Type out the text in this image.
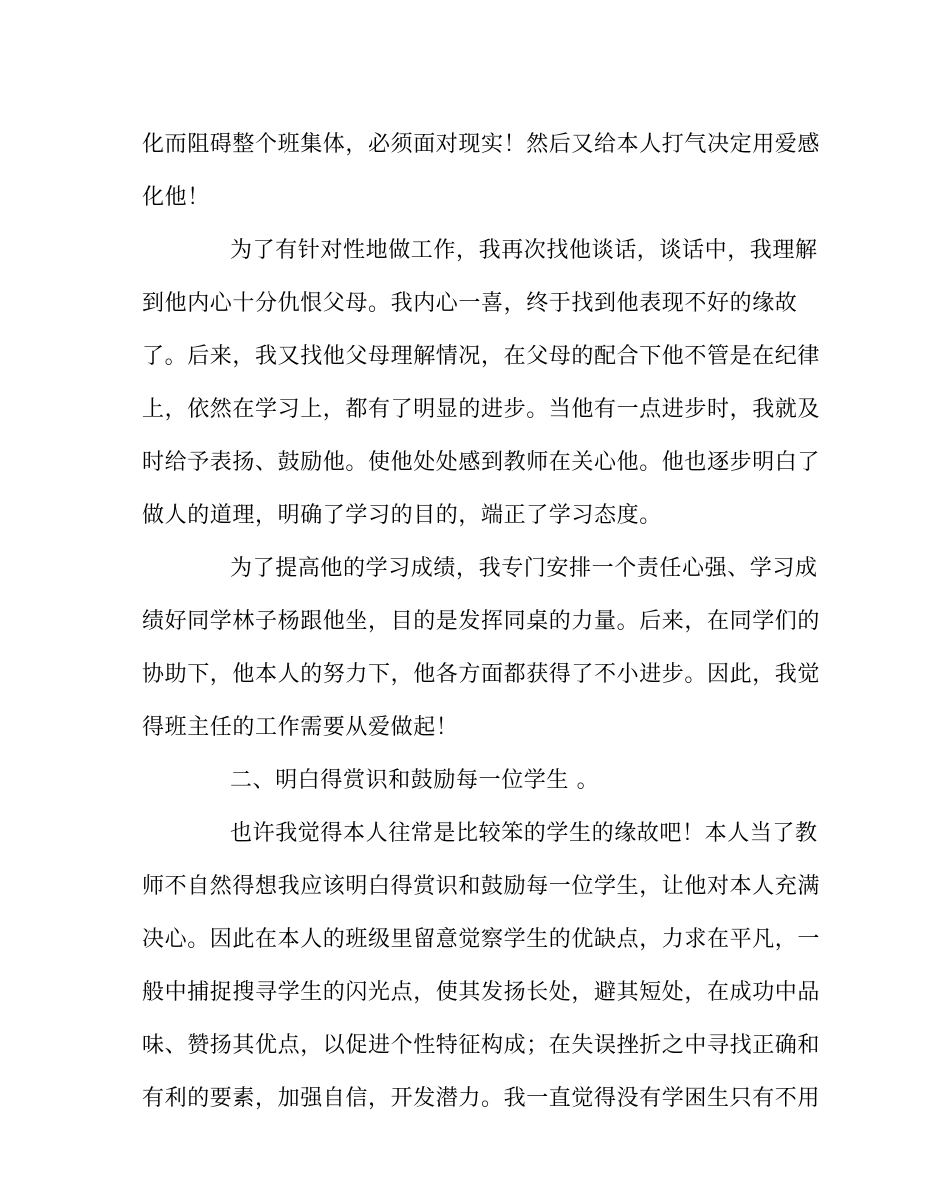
化而阻碍整个班集体，必须面对现实！然后又给本人打气决定用爱感
化他！
为了有针对性地做工作，我再次找他谈话，谈话中，我理解
到他内心十分仇恨父母。我内心一喜，终于找到他表现不好的缘故
了。后来，我又找他父母理解情况，在父母的配合下他不管是在纪律
上，依然在学习上，都有了明显的进步。当他有一点进步时，我就及
时给予表扬、鼓励他。使他处处感到教师在关心他。他也逐步明白了
做人的道理，明确了学习的目的，端正了学习态度。
为了提高他的学习成绩，我专门安排一个责任心强、学习成
绩好同学林子杨跟他坐，目的是发挥同桌的力量。后来，在同学们的
协助下，他本人的努力下，他各方面都获得了不小进步。因此，我觉
得班主任的工作需要从爱做起！
二、明白得赏识和鼓励每一位学生 。
也许我觉得本人往常是比较笨的学生的缘故吧！本人当了教
师不自然得想我应该明白得赏识和鼓励每一位学生，让他对本人充满
决心。因此在本人的班级里留意觉察学生的优缺点，力求在平凡，一
般中捕捉搜寻学生的闪光点，使其发扬长处，避其短处，在成功中品
味、赞扬其优点，以促进个性特征构成；在失误挫折之中寻找正确和
有利的要素，加强自信，开发潜力。我一直觉得没有学困生只有不用
